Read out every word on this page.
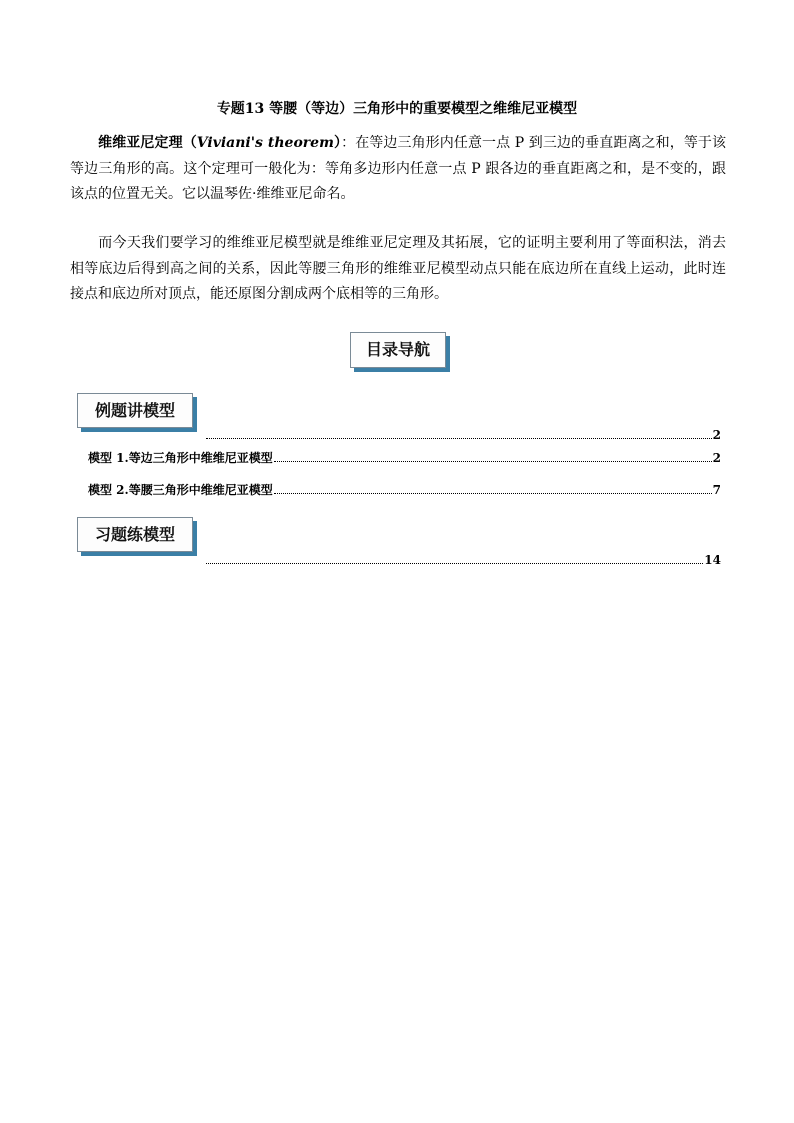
专题13 等腰（等边）三角形中的重要模型之维维尼亚模型
维维亚尼定理（Viviani's theorem）：在等边三角形内任意一点 P 到三边的垂直距离之和，等于该等边三角形的高。这个定理可一般化为：等角多边形内任意一点 P 跟各边的垂直距离之和，是不变的，跟该点的位置无关。它以温琴佐·维维亚尼命名。
而今天我们要学习的维维亚尼模型就是维维亚尼定理及其拓展，它的证明主要利用了等面积法，消去相等底边后得到高之间的关系，因此等腰三角形的维维亚尼模型动点只能在底边所在直线上运动，此时连接点和底边所对顶点，能还原图分割成两个底相等的三角形。
目录导航
例题讲模型
2
模型 1.等边三角形中维维尼亚模型	2
模型 2.等腰三角形中维维尼亚模型	7
习题练模型
14
